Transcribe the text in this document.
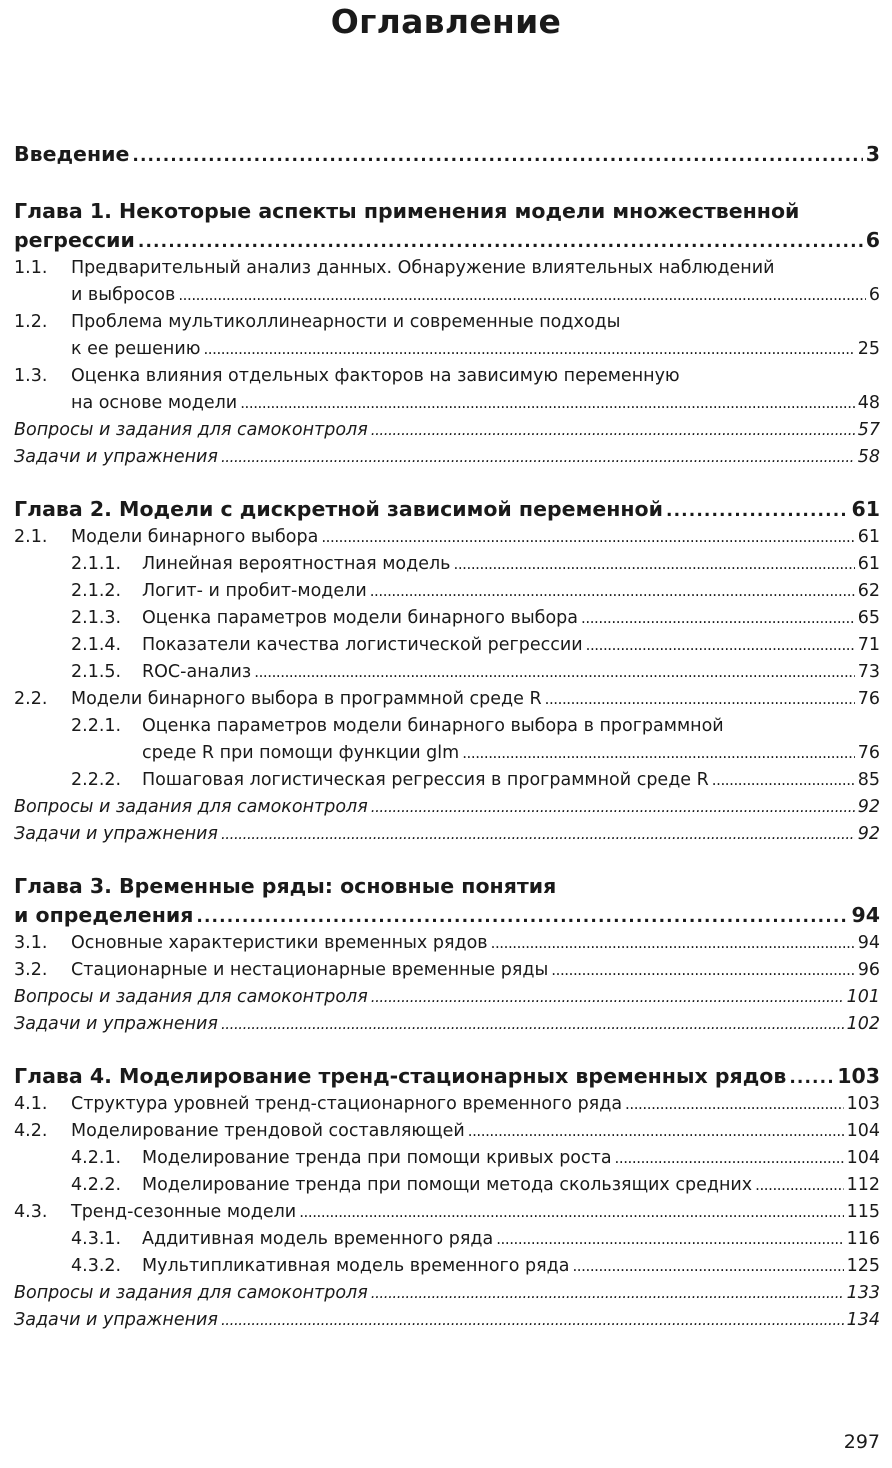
Оглавление
Введение . . .	3
Глава 1. Некоторые аспекты применения модели множественной
регрессии . . .	6
1.1.	Предварительный анализ данных. Обнаружение влиятельных наблюдений
и выбросов . . .	6
1.2.	Проблема мультиколлинеарности и современные подходы
к ее решению . . .	25
1.3.	Оценка влияния отдельных факторов на зависимую переменную
на основе модели . . .	48
Вопросы и задания для самоконтроля . . .	57
Задачи и упражнения . . .	58
Глава 2. Модели с дискретной зависимой переменной . . .	61
2.1.	Модели бинарного выбора . . .	61
2.1.1.	Линейная вероятностная модель . . .	61
2.1.2.	Логит- и пробит-модели . . .	62
2.1.3.	Оценка параметров модели бинарного выбора . . .	65
2.1.4.	Показатели качества логистической регрессии . . .	71
2.1.5.	ROC-анализ . . .	73
2.2.	Модели бинарного выбора в программной среде R . . .	76
2.2.1.	Оценка параметров модели бинарного выбора в программной
среде R при помощи функции glm . . .	76
2.2.2.	Пошаговая логистическая регрессия в программной среде R . . .	85
Вопросы и задания для самоконтроля . . .	92
Задачи и упражнения . . .	92
Глава 3. Временные ряды: основные понятия
и определения . . .	94
3.1.	Основные характеристики временных рядов . . .	94
3.2.	Стационарные и нестационарные временные ряды . . .	96
Вопросы и задания для самоконтроля . . .	101
Задачи и упражнения . . .	102
Глава 4. Моделирование тренд-стационарных временных рядов . . . 103
4.1.	Структура уровней тренд-стационарного временного ряда . . .	103
4.2.	Моделирование трендовой составляющей . . .	104
4.2.1.	Моделирование тренда при помощи кривых роста . . .	104
4.2.2.	Моделирование тренда при помощи метода скользящих средних . . .	112
4.3.	Тренд-сезонные модели . . .	115
4.3.1.	Аддитивная модель временного ряда . . .	116
4.3.2.	Мультипликативная модель временного ряда . . .	125
Вопросы и задания для самоконтроля . . .	133
Задачи и упражнения . . .	134
297
